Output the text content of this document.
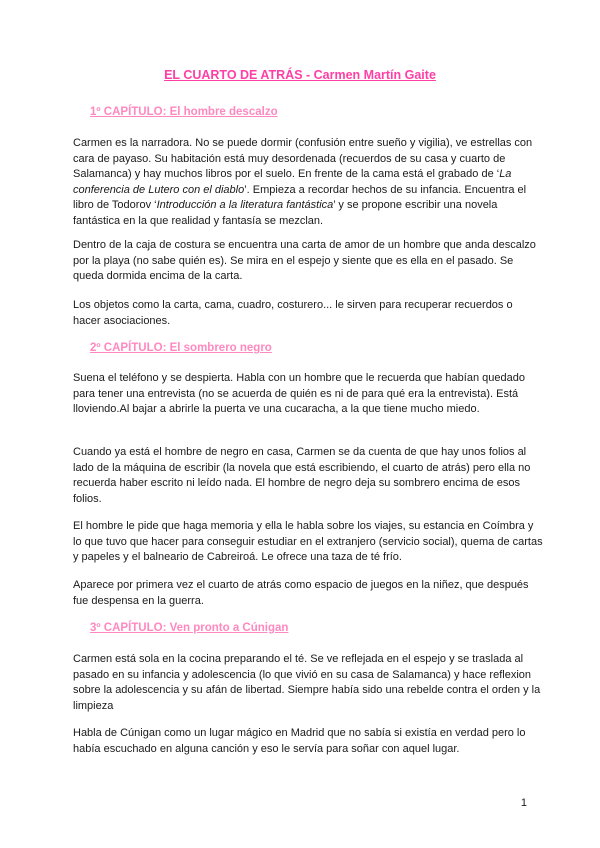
EL CUARTO DE ATRÁS - Carmen Martín Gaite
1º CAPÍTULO: El hombre descalzo

Carmen es la narradora. No se puede dormir (confusión entre sueño y vigilia), ve estrellas con cara de payaso. Su habitación está muy desordenada (recuerdos de su casa y cuarto de Salamanca) y hay muchos libros por el suelo. En frente de la cama está el grabado de ‘La conferencia de Lutero con el diablo’. Empieza a recordar hechos de su infancia. Encuentra el libro de Todorov ‘Introducción a la literatura fantástica’ y se propone escribir una novela fantástica en la que realidad y fantasía se mezclan.

Dentro de la caja de costura se encuentra una carta de amor de un hombre que anda descalzo por la playa (no sabe quién es). Se mira en el espejo y siente que es ella en el pasado. Se queda dormida encima de la carta.

Los objetos como la carta, cama, cuadro, costurero... le sirven para recuperar recuerdos o hacer asociaciones.

2º CAPÍTULO: El sombrero negro

Suena el teléfono y se despierta. Habla con un hombre que le recuerda que habían quedado para tener una entrevista (no se acuerda de quién es ni de para qué era la entrevista). Está lloviendo.Al bajar a abrirle la puerta ve una cucaracha, a la que tiene mucho miedo.

Cuando ya está el hombre de negro en casa, Carmen se da cuenta de que hay unos folios al lado de la máquina de escribir (la novela que está escribiendo, el cuarto de atrás) pero ella no recuerda haber escrito ni leído nada. El hombre de negro deja su sombrero encima de esos folios.

El hombre le pide que haga memoria y ella le habla sobre los viajes, su estancia en Coímbra y lo que tuvo que hacer para conseguir estudiar en el extranjero (servicio social), quema de cartas y papeles y el balneario de Cabreiroá. Le ofrece una taza de té frío.

Aparece por primera vez el cuarto de atrás como espacio de juegos en la niñez, que después fue despensa en la guerra.

3º CAPÍTULO: Ven pronto a Cúnigan

Carmen está sola en la cocina preparando el té. Se ve reflejada en el espejo y se traslada al pasado en su infancia y adolescencia (lo que vivió en su casa de Salamanca) y hace reflexion sobre la adolescencia y su afán de libertad. Siempre había sido una rebelde contra el orden y la limpieza

Habla de Cúnigan como un lugar mágico en Madrid que no sabía si existía en verdad pero lo había escuchado en alguna canción y eso le servía para soñar con aquel lugar.

1
